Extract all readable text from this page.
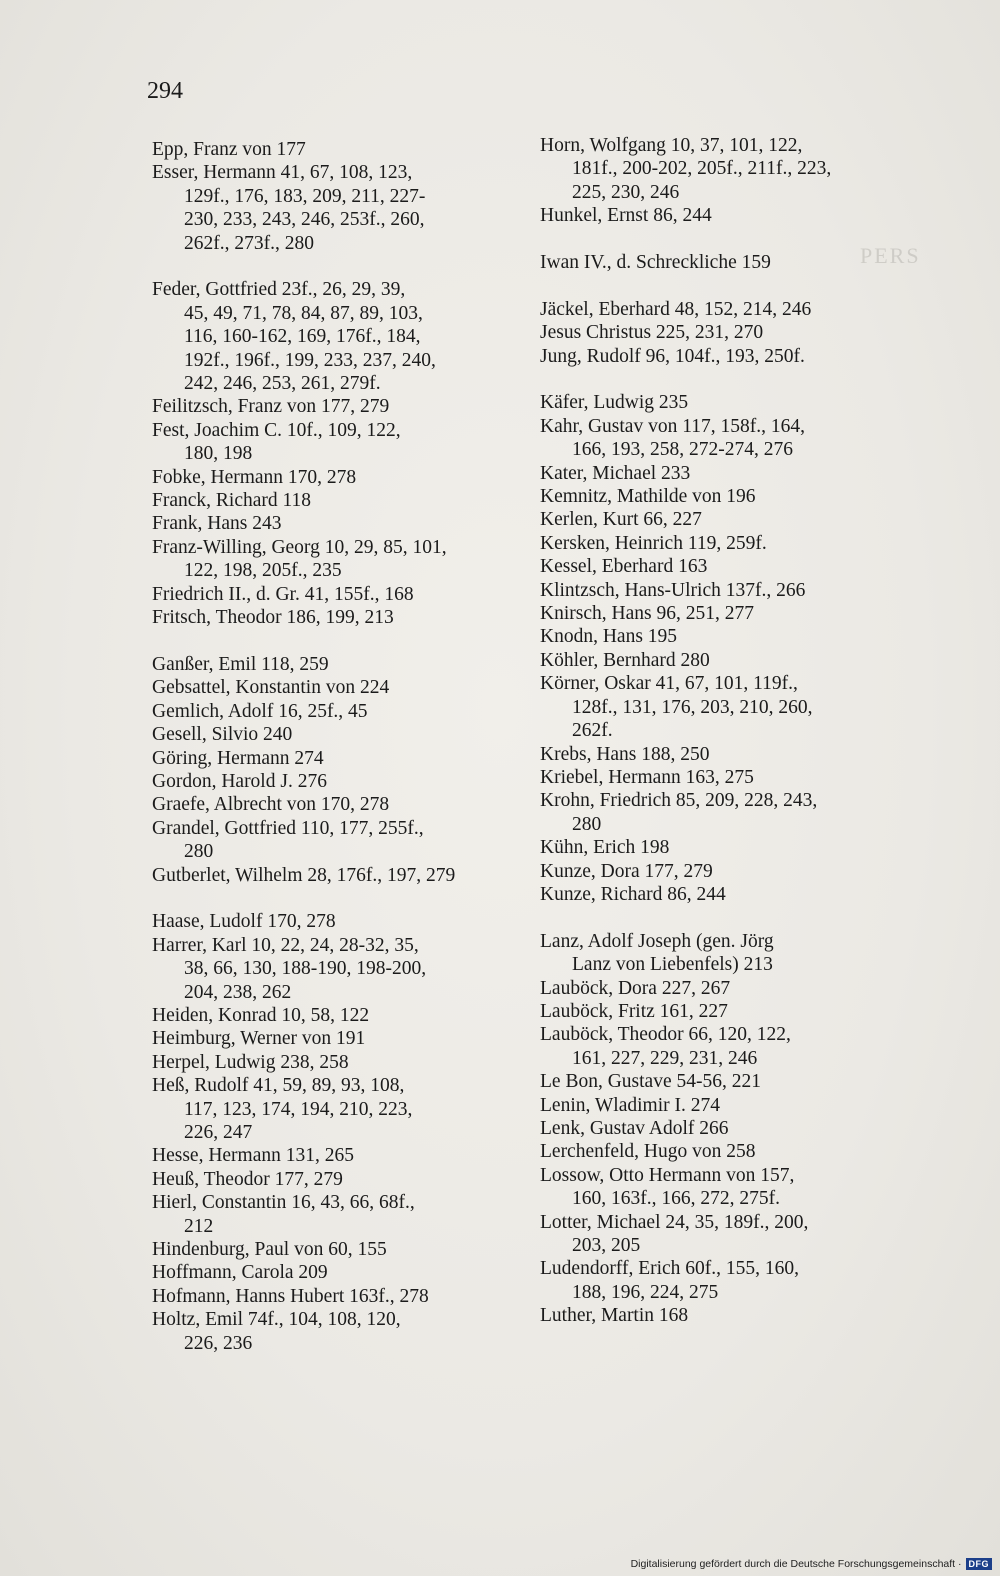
PERS
294
Epp, Franz von 177
Esser, Hermann 41, 67, 108, 123,
129f., 176, 183, 209, 211, 227-
230, 233, 243, 246, 253f., 260,
262f., 273f., 280
Feder, Gottfried 23f., 26, 29, 39,
45, 49, 71, 78, 84, 87, 89, 103,
116, 160-162, 169, 176f., 184,
192f., 196f., 199, 233, 237, 240,
242, 246, 253, 261, 279f.
Feilitzsch, Franz von 177, 279
Fest, Joachim C. 10f., 109, 122,
180, 198
Fobke, Hermann 170, 278
Franck, Richard 118
Frank, Hans 243
Franz-Willing, Georg 10, 29, 85, 101,
122, 198, 205f., 235
Friedrich II., d. Gr. 41, 155f., 168
Fritsch, Theodor 186, 199, 213
Ganßer, Emil 118, 259
Gebsattel, Konstantin von 224
Gemlich, Adolf 16, 25f., 45
Gesell, Silvio 240
Göring, Hermann 274
Gordon, Harold J. 276
Graefe, Albrecht von 170, 278
Grandel, Gottfried 110, 177, 255f.,
280
Gutberlet, Wilhelm 28, 176f., 197, 279
Haase, Ludolf 170, 278
Harrer, Karl 10, 22, 24, 28-32, 35,
38, 66, 130, 188-190, 198-200,
204, 238, 262
Heiden, Konrad 10, 58, 122
Heimburg, Werner von 191
Herpel, Ludwig 238, 258
Heß, Rudolf 41, 59, 89, 93, 108,
117, 123, 174, 194, 210, 223,
226, 247
Hesse, Hermann 131, 265
Heuß, Theodor 177, 279
Hierl, Constantin 16, 43, 66, 68f.,
212
Hindenburg, Paul von 60, 155
Hoffmann, Carola 209
Hofmann, Hanns Hubert 163f., 278
Holtz, Emil 74f., 104, 108, 120,
226, 236
Horn, Wolfgang 10, 37, 101, 122,
181f., 200-202, 205f., 211f., 223,
225, 230, 246
Hunkel, Ernst 86, 244
Iwan IV., d. Schreckliche 159
Jäckel, Eberhard 48, 152, 214, 246
Jesus Christus 225, 231, 270
Jung, Rudolf 96, 104f., 193, 250f.
Käfer, Ludwig 235
Kahr, Gustav von 117, 158f., 164,
166, 193, 258, 272-274, 276
Kater, Michael 233
Kemnitz, Mathilde von 196
Kerlen, Kurt 66, 227
Kersken, Heinrich 119, 259f.
Kessel, Eberhard 163
Klintzsch, Hans-Ulrich 137f., 266
Knirsch, Hans 96, 251, 277
Knodn, Hans 195
Köhler, Bernhard 280
Körner, Oskar 41, 67, 101, 119f.,
128f., 131, 176, 203, 210, 260,
262f.
Krebs, Hans 188, 250
Kriebel, Hermann 163, 275
Krohn, Friedrich 85, 209, 228, 243,
280
Kühn, Erich 198
Kunze, Dora 177, 279
Kunze, Richard 86, 244
Lanz, Adolf Joseph (gen. Jörg
Lanz von Liebenfels) 213
Lauböck, Dora 227, 267
Lauböck, Fritz 161, 227
Lauböck, Theodor 66, 120, 122,
161, 227, 229, 231, 246
Le Bon, Gustave 54-56, 221
Lenin, Wladimir I. 274
Lenk, Gustav Adolf 266
Lerchenfeld, Hugo von 258
Lossow, Otto Hermann von 157,
160, 163f., 166, 272, 275f.
Lotter, Michael 24, 35, 189f., 200,
203, 205
Ludendorff, Erich 60f., 155, 160,
188, 196, 224, 275
Luther, Martin 168
Digitalisierung gefördert durch die Deutsche Forschungsgemeinschaft · DFG
